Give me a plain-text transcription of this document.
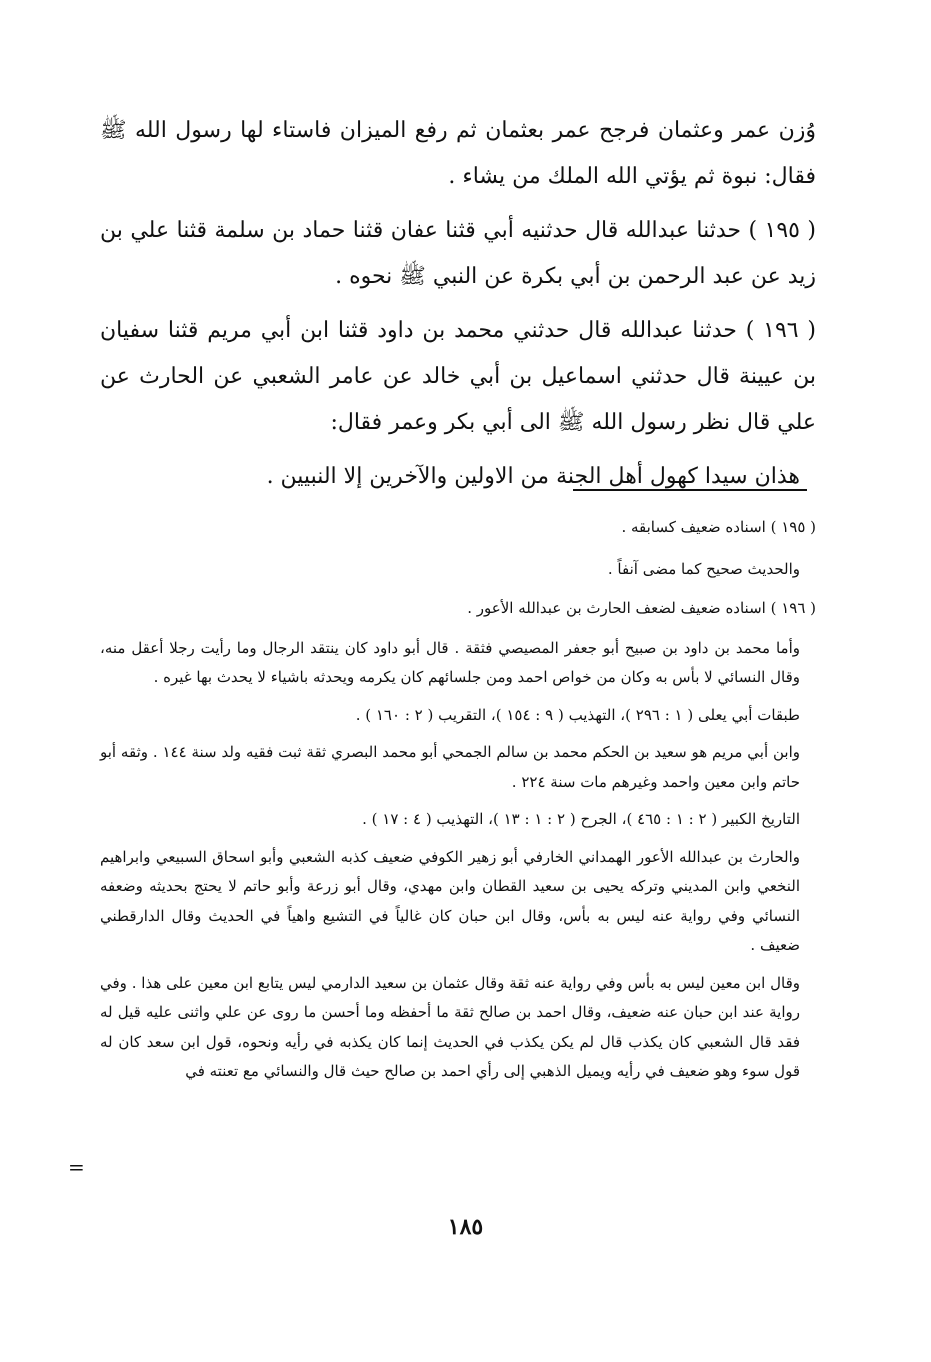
وُزن عمر وعثمان فرجح عمر بعثمان ثم رفع الميزان فاستاء لها رسول الله ﷺ فقال: نبوة ثم يؤتي الله الملك من يشاء .

( ١٩٥ ) حدثنا عبدالله قال حدثنيه أبي قثنا عفان قثنا حماد بن سلمة قثنا علي بن زيد عن عبد الرحمن بن أبي بكرة عن النبي ﷺ نحوه .

( ١٩٦ ) حدثنا عبدالله قال حدثني محمد بن داود قثنا ابن أبي مريم قثنا سفيان بن عيينة قال حدثني اسماعيل بن أبي خالد عن عامر الشعبي عن الحارث عن علي قال نظر رسول الله ﷺ الى أبي بكر وعمر فقال:

هذان سيدا كهول أهل الجنة من الاولين والآخرين إلا النبيين .

( ١٩٥ ) اسناده ضعيف كسابقه .

والحديث صحيح كما مضى آنفاً .

( ١٩٦ ) اسناده ضعيف لضعف الحارث بن عبدالله الأعور .

وأما محمد بن داود بن صبيح أبو جعفر المصيصي فثقة . قال أبو داود كان ينتقد الرجال وما رأيت رجلا أعقل منه، وقال النسائي لا بأس به وكان من خواص احمد ومن جلسائهم كان يكرمه ويحدثه باشياء لا يحدث بها غيره .

طبقات أبي يعلى ( ١ : ٢٩٦ )، التهذيب ( ٩ : ١٥٤ )، التقريب ( ٢ : ١٦٠ ) .

وابن أبي مريم هو سعيد بن الحكم محمد بن سالم الجمحي أبو محمد البصري ثقة ثبت فقيه ولد سنة ١٤٤ . وثقه أبو حاتم وابن معين واحمد وغيرهم مات سنة ٢٢٤ .

التاريخ الكبير ( ٢ : ١ : ٤٦٥ )، الجرح ( ٢ : ١ : ١٣ )، التهذيب ( ٤ : ١٧ ) .

والحارث بن عبدالله الأعور الهمداني الخارفي أبو زهير الكوفي ضعيف كذبه الشعبي وأبو اسحاق السبيعي وابراهيم النخعي وابن المديني وتركه يحيى بن سعيد القطان وابن مهدي، وقال أبو زرعة وأبو حاتم لا يحتج بحديثه وضعفه النسائي وفي رواية عنه ليس به بأس، وقال ابن حبان كان غالياً في التشيع واهياً في الحديث وقال الدارقطني ضعيف .

وقال ابن معين ليس به بأس وفي رواية عنه ثقة وقال عثمان بن سعيد الدارمي ليس يتابع ابن معين على هذا . وفي رواية عند ابن حبان عنه ضعيف، وقال احمد بن صالح ثقة ما أحفظه وما أحسن ما روى عن علي واثنى عليه قيل له فقد قال الشعبي كان يكذب قال لم يكن يكذب في الحديث إنما كان يكذبه في رأيه ونحوه، قول ابن سعد كان له قول سوء وهو ضعيف في رأيه ويميل الذهبي إلى رأي احمد بن صالح حيث قال والنسائي مع تعنته في

=
١٨٥
